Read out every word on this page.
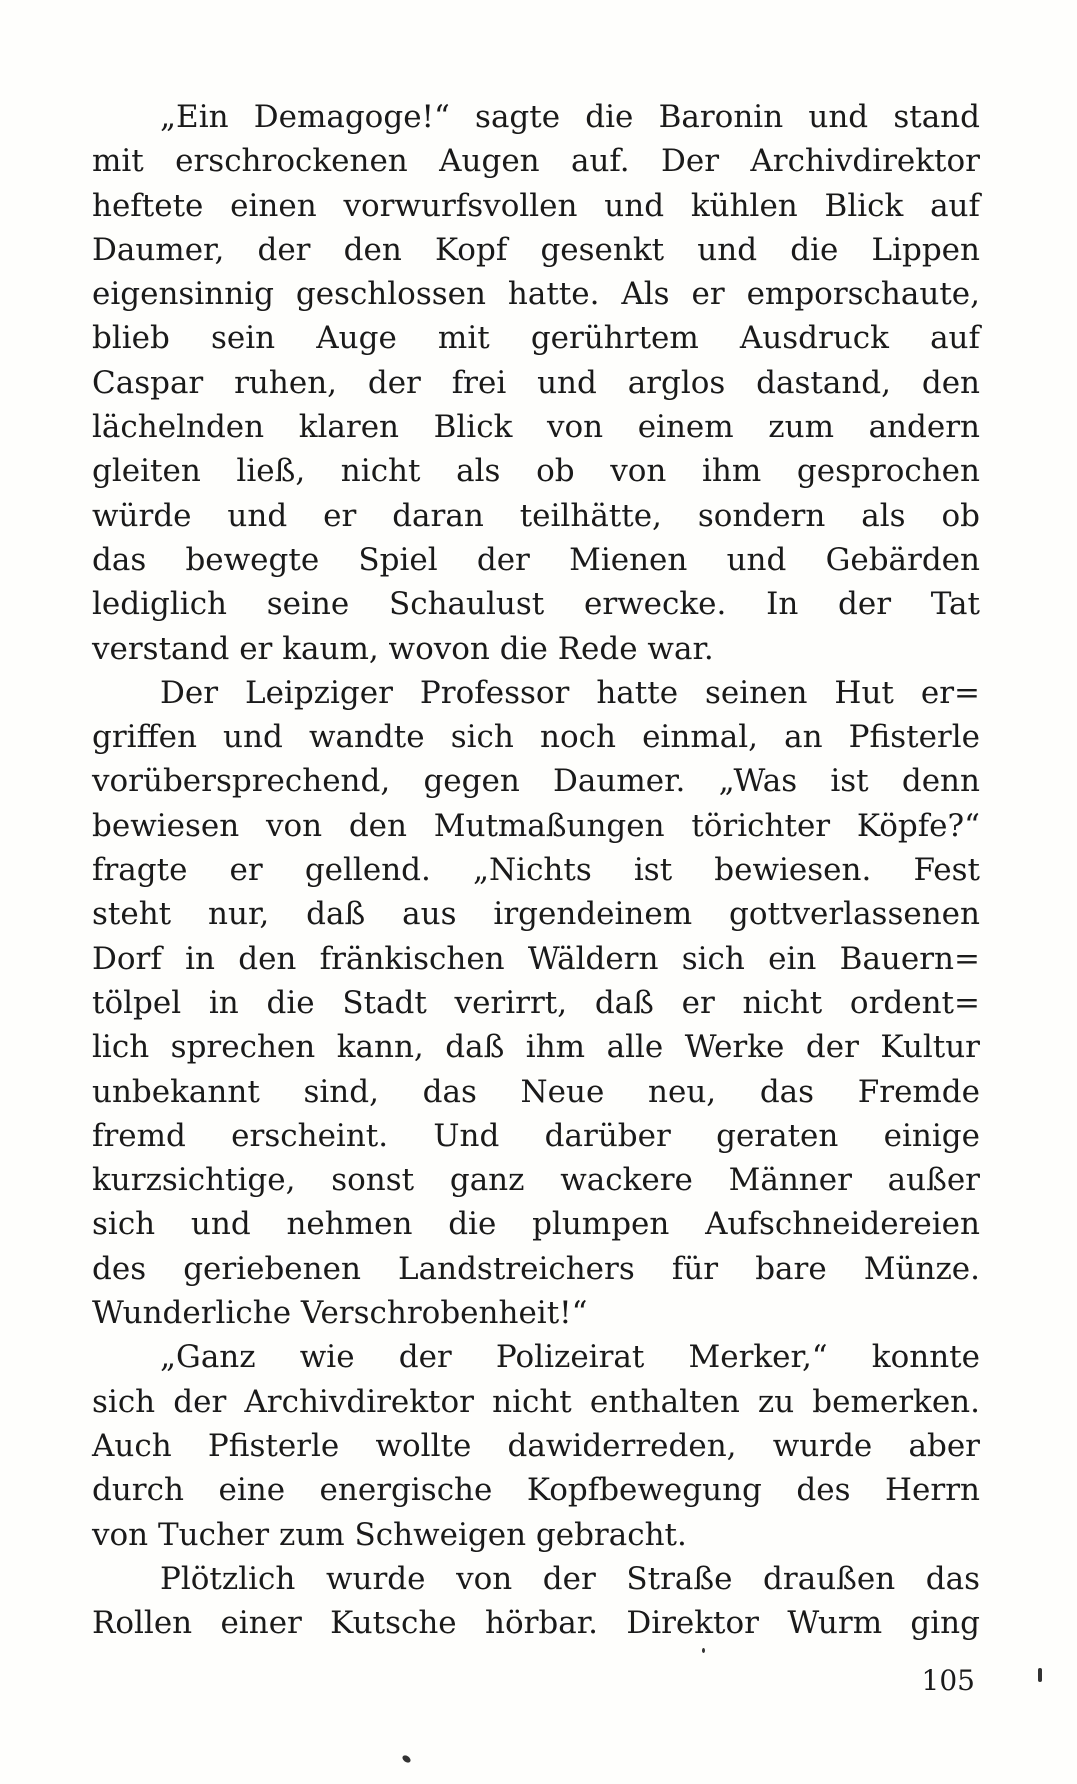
„Ein Demagoge!“ sagte die Baronin und stand
mit erschrockenen Augen auf. Der Archivdirektor
heftete einen vorwurfsvollen und kühlen Blick auf
Daumer, der den Kopf gesenkt und die Lippen
eigensinnig geschlossen hatte. Als er emporschaute,
blieb sein Auge mit gerührtem Ausdruck auf
Caspar ruhen, der frei und arglos dastand, den
lächelnden klaren Blick von einem zum andern
gleiten ließ, nicht als ob von ihm gesprochen
würde und er daran teilhätte, sondern als ob
das bewegte Spiel der Mienen und Gebärden
lediglich seine Schaulust erwecke. In der Tat
verstand er kaum, wovon die Rede war.
Der Leipziger Professor hatte seinen Hut er=
griffen und wandte sich noch einmal, an Pfisterle
vorübersprechend, gegen Daumer. „Was ist denn
bewiesen von den Mutmaßungen törichter Köpfe?“
fragte er gellend. „Nichts ist bewiesen. Fest
steht nur, daß aus irgendeinem gottverlassenen
Dorf in den fränkischen Wäldern sich ein Bauern=
tölpel in die Stadt verirrt, daß er nicht ordent=
lich sprechen kann, daß ihm alle Werke der Kultur
unbekannt sind, das Neue neu, das Fremde
fremd erscheint. Und darüber geraten einige
kurzsichtige, sonst ganz wackere Männer außer
sich und nehmen die plumpen Aufschneidereien
des geriebenen Landstreichers für bare Münze.
Wunderliche Verschrobenheit!“
„Ganz wie der Polizeirat Merker,“ konnte
sich der Archivdirektor nicht enthalten zu bemerken.
Auch Pfisterle wollte dawiderreden, wurde aber
durch eine energische Kopfbewegung des Herrn
von Tucher zum Schweigen gebracht.
Plötzlich wurde von der Straße draußen das
Rollen einer Kutsche hörbar. Direktor Wurm ging
105
